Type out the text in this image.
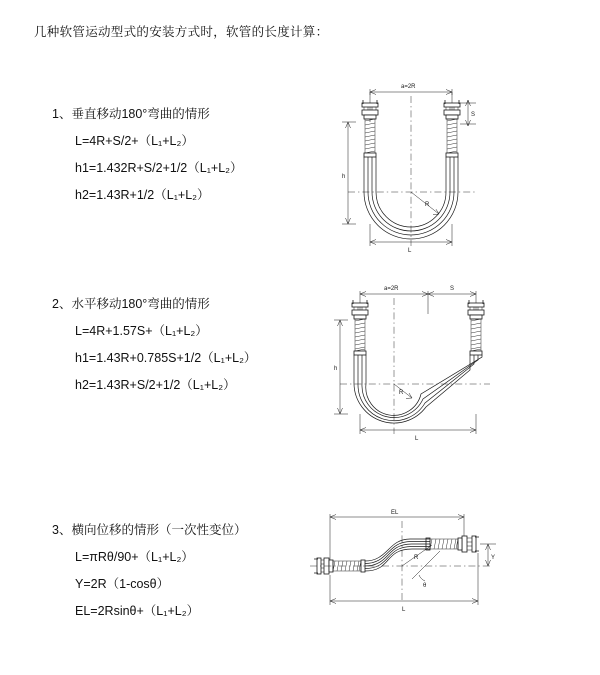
几种软管运动型式的安装方式时，软管的长度计算：
1、垂直移动180°弯曲的情形
L=4R+S/2+（L₁+L₂）
h1=1.432R+S/2+1/2（L₁+L₂）
h2=1.43R+1/2（L₁+L₂）
a=2R
S
h
R
L
2、水平移动180°弯曲的情形
L=4R+1.57S+（L₁+L₂）
h1=1.43R+0.785S+1/2（L₁+L₂）
h2=1.43R+S/2+1/2（L₁+L₂）
a=2R	S
h
R
L
3、横向位移的情形（一次性变位）
L=πRθ/90+（L₁+L₂）
Y=2R（1-cosθ）
EL=2Rsinθ+（L₁+L₂）
EL
Y
θ
R
L
